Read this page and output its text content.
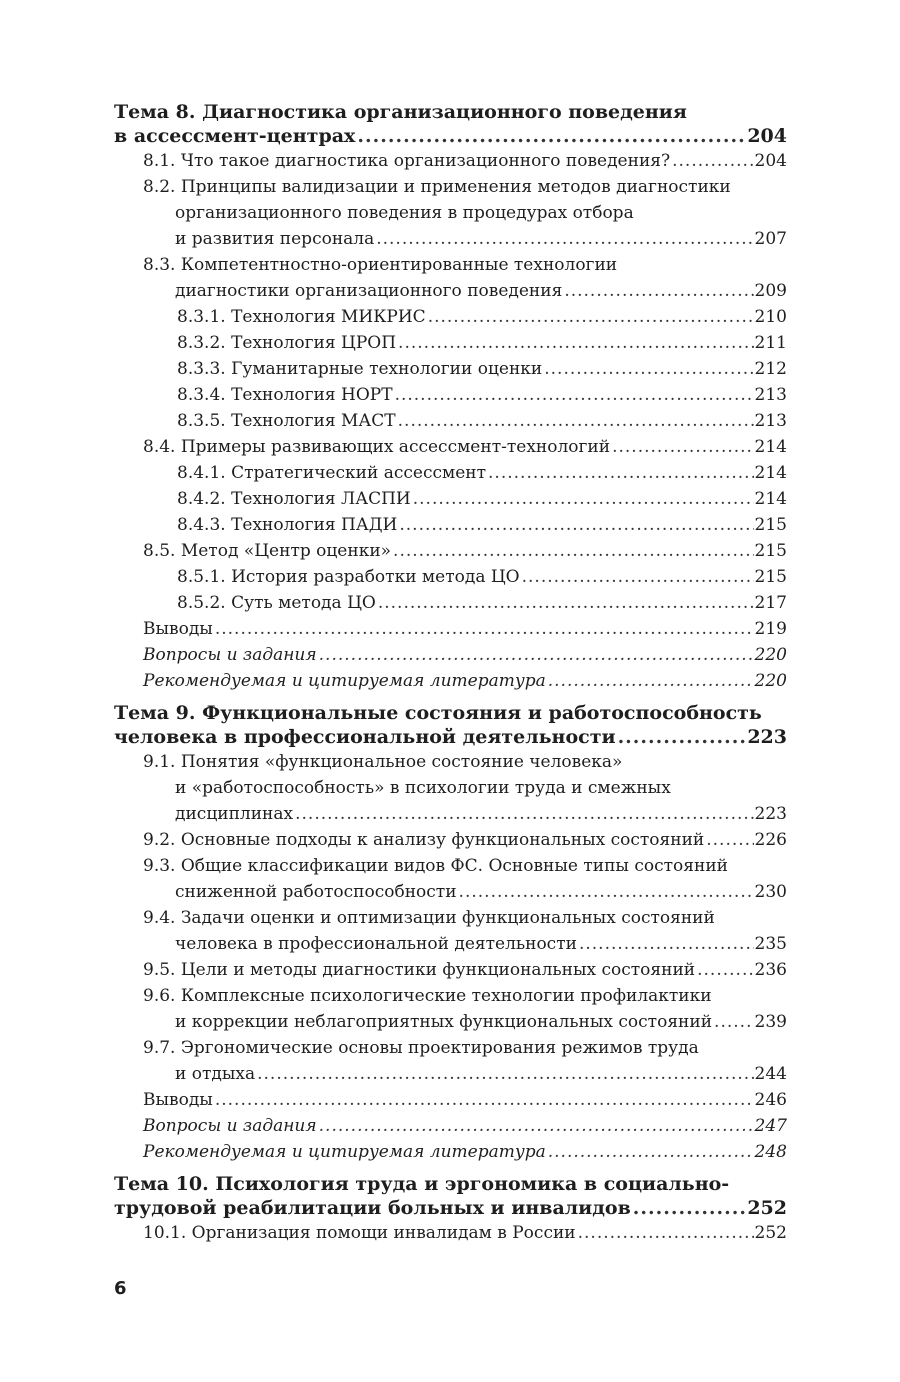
Тема 8. Диагностика организационного поведения
в ассессмент-центрах .....	204
8.1. Что такое диагностика организационного поведения? .....	204
8.2. Принципы валидизации и применения методов диагностики
организационного поведения в процедурах отбора
и развития персонала .....	207
8.3. Компетентностно-ориентированные технологии
диагностики организационного поведения .....	209
8.3.1. Технология МИКРИС .....	210
8.3.2. Технология ЦРОП .....	211
8.3.3. Гуманитарные технологии оценки .....	212
8.3.4. Технология НОРТ .....	213
8.3.5. Технология МАСТ .....	213
8.4. Примеры развивающих ассессмент-технологий .....	214
8.4.1. Стратегический ассессмент .....	214
8.4.2. Технология ЛАСПИ .....	214
8.4.3. Технология ПАДИ .....	215
8.5. Метод «Центр оценки» .....	215
8.5.1. История разработки метода ЦО .....	215
8.5.2. Суть метода ЦО .....	217
Выводы .....	219
Вопросы и задания .....	220
Рекомендуемая и цитируемая литература .....	220
Тема 9. Функциональные состояния и работоспособность
человека в профессиональной деятельности .....	223
9.1. Понятия «функциональное состояние человека»
и «работоспособность» в психологии труда и смежных
дисциплинах .....	223
9.2. Основные подходы к анализу функциональных состояний .....	226
9.3. Общие классификации видов ФС. Основные типы состояний
сниженной работоспособности .....	230
9.4. Задачи оценки и оптимизации функциональных состояний
человека в профессиональной деятельности .....	235
9.5. Цели и методы диагностики функциональных состояний .....	236
9.6. Комплексные психологические технологии профилактики
и коррекции неблагоприятных функциональных состояний .....	239
9.7. Эргономические основы проектирования режимов труда
и отдыха .....	244
Выводы .....	246
Вопросы и задания .....	247
Рекомендуемая и цитируемая литература .....	248
Тема 10. Психология труда и эргономика в социально-
трудовой реабилитации больных и инвалидов .....	252
10.1. Организация помощи инвалидам в России .....	252
6
